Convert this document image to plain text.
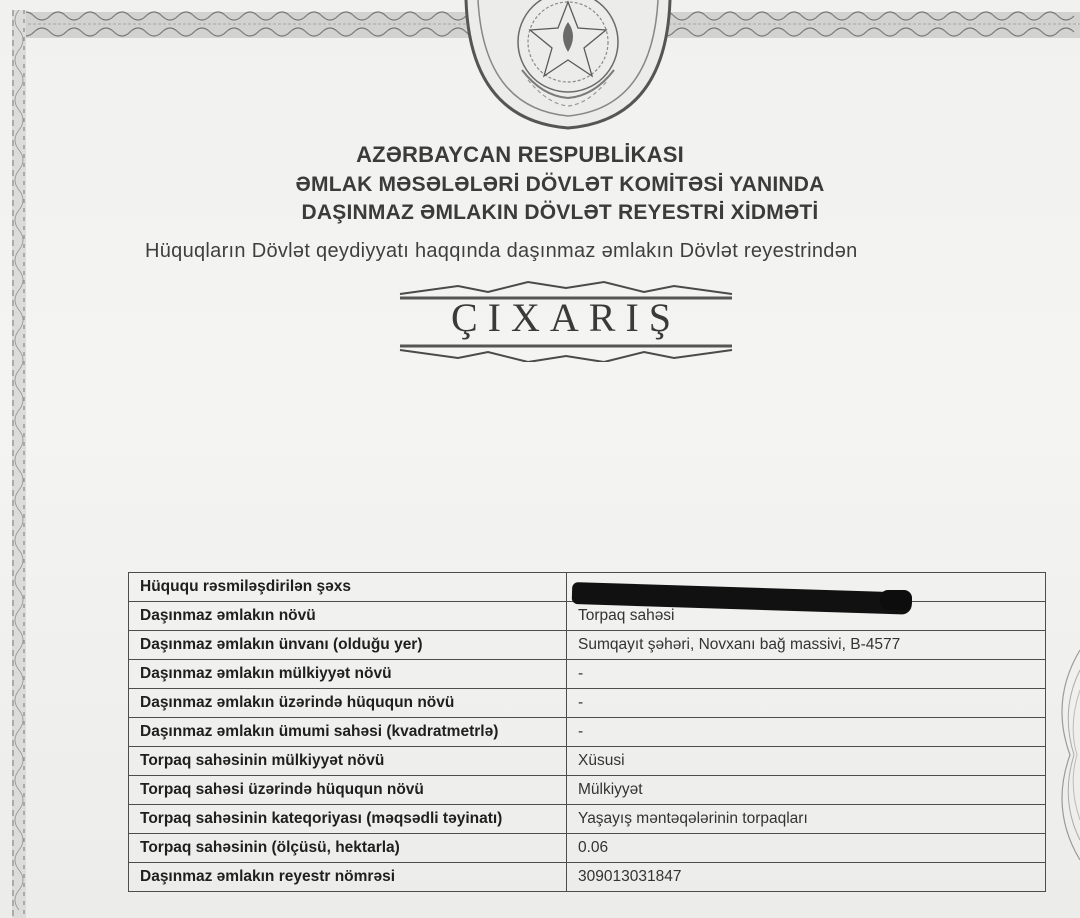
AZƏRBAYCAN RESPUBLİKASI
ƏMLAK MƏSƏLƏLƏRİ DÖVLƏT KOMİTƏSİ YANINDA
DAŞINMAZ ƏMLAKIN DÖVLƏT REYESTRİ XİDMƏTİ
Hüquqların Dövlət qeydiyyatı haqqında daşınmaz əmlakın Dövlət reyestrindən
ÇIXARIŞ
Hüququ rəsmiləşdirilən şəxs	
Daşınmaz əmlakın növü	Torpaq sahəsi
Daşınmaz əmlakın ünvanı (olduğu yer)	Sumqayıt şəhəri, Novxanı bağ massivi, B-4577
Daşınmaz əmlakın mülkiyyət növü	-
Daşınmaz əmlakın üzərində hüququn növü	-
Daşınmaz əmlakın ümumi sahəsi (kvadratmetrlə)	-
Torpaq sahəsinin mülkiyyət növü	Xüsusi
Torpaq sahəsi üzərində hüququn növü	Mülkiyyət
Torpaq sahəsinin kateqoriyası (məqsədli təyinatı)	Yaşayış məntəqələrinin torpaqları
Torpaq sahəsinin (ölçüsü, hektarla)	0.06
Daşınmaz əmlakın reyestr nömrəsi	309013031847
